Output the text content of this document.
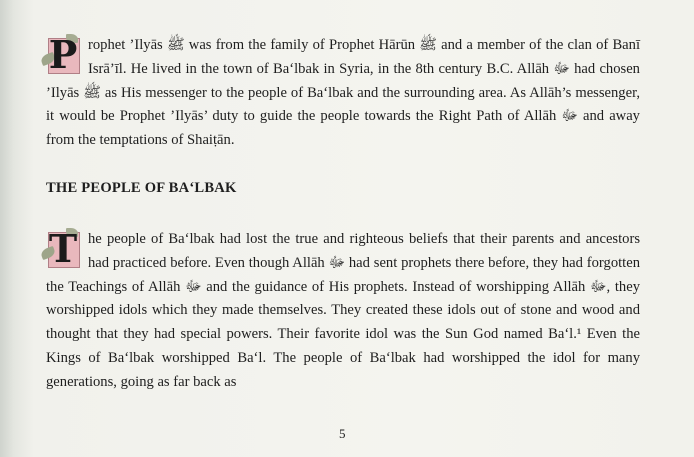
P rophet ’Ilyās ﷺ was from the family of Prophet Hārūn ﷺ and a member of the clan of Banī Isrā’īl. He lived in the town of Ba‘lbak in Syria, in the 8th century B.C. Allāh ﷻ had chosen ’Ilyās ﷺ as His messenger to the people of Ba‘lbak and the surrounding area. As Allāh’s messenger, it would be Prophet ’Ilyās’ duty to guide the people towards the Right Path of Allāh ﷻ and away from the temptations of Shaiṭān.

THE PEOPLE OF BA‘LBAK
T he people of Ba‘lbak had lost the true and righteous beliefs that their parents and ancestors had practiced before. Even though Allāh ﷻ had sent prophets there before, they had forgotten the Teachings of Allāh ﷻ and the guidance of His prophets. Instead of worshipping Allāh ﷻ, they worshipped idols which they made themselves. They created these idols out of stone and wood and thought that they had special powers. Their favorite idol was the Sun God named Ba‘l.¹ Even the Kings of Ba‘lbak worshipped Ba‘l. The people of Ba‘lbak had worshipped the idol for many generations, going as far back as

5
